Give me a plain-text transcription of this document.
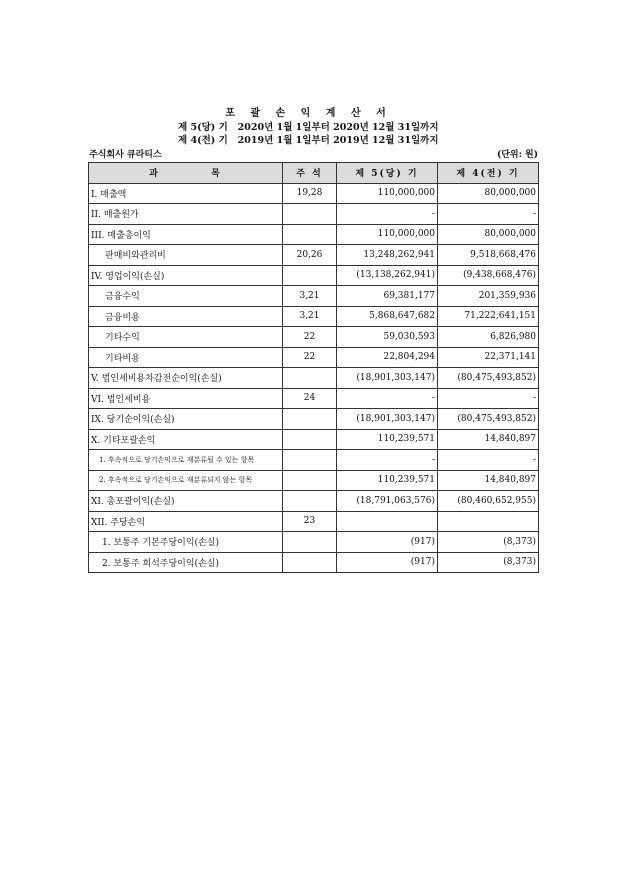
포 괄 손 익 계 산 서
제 5(당) 기   2020년 1월 1일부터 2020년 12월 31일까지
제 4(전) 기   2019년 1월 1일부터 2019년 12월 31일까지
주식회사 큐라티스	(단위: 원)
과          목	주 석	제 5(당) 기	제 4(전) 기
I. 매출액	19,28	110,000,000	80,000,000
II. 매출원가		-	-
III. 매출총이익		110,000,000	80,000,000
판매비와관리비	20,26	13,248,262,941	9,518,668,476
IV. 영업이익(손실)		(13,138,262,941)	(9,438,668,476)
금융수익	3,21	69,381,177	201,359,936
금융비용	3,21	5,868,647,682	71,222,641,151
기타수익	22	59,030,593	6,826,980
기타비용	22	22,804,294	22,371,141
V. 법인세비용차감전순이익(손실)		(18,901,303,147)	(80,475,493,852)
VI. 법인세비용	24	-	-
IX. 당기순이익(손실)		(18,901,303,147)	(80,475,493,852)
X. 기타포괄손익		110,239,571	14,840,897
1. 후속적으로 당기손익으로 재분류될 수 있는 항목		-	-
2. 후속적으로 당기손익으로 재분류되지 않는 항목		110,239,571	14,840,897
XI. 총포괄이익(손실)		(18,791,063,576)	(80,460,652,955)
XII. 주당손익	23		
1. 보통주 기본주당이익(손실)		(917)	(8,373)
2. 보통주 희석주당이익(손실)		(917)	(8,373)
